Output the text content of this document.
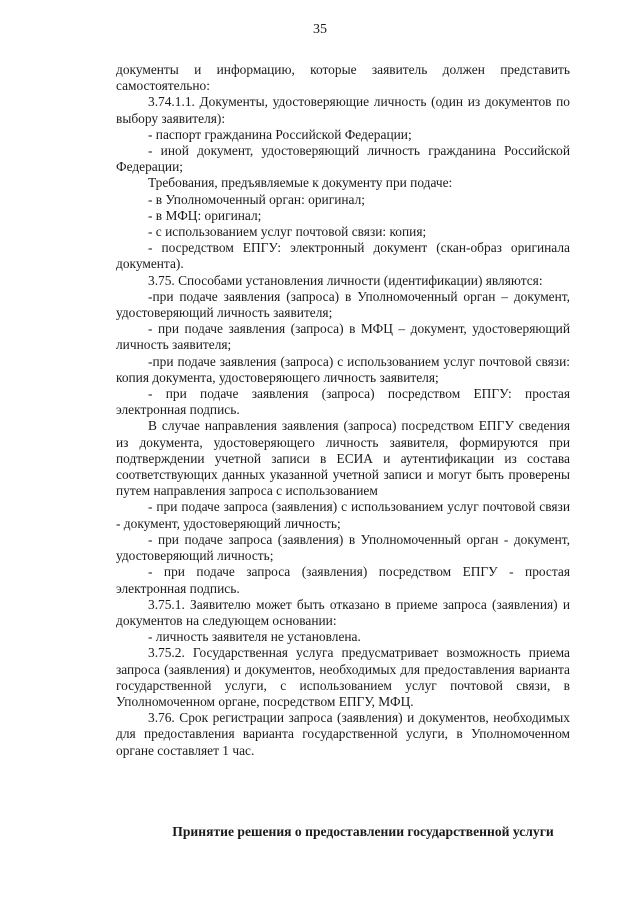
35

документы и информацию, которые заявитель должен представить самостоятельно:

3.74.1.1. Документы, удостоверяющие личность (один из документов по выбору заявителя):

- паспорт гражданина Российской Федерации;

- иной документ, удостоверяющий личность гражданина Российской Федерации;

Требования, предъявляемые к документу при подаче:

- в Уполномоченный орган: оригинал;

- в МФЦ: оригинал;

- с использованием услуг почтовой связи: копия;

- посредством ЕПГУ: электронный документ (скан-образ оригинала документа).

3.75. Способами установления личности (идентификации) являются:

-при подаче заявления (запроса) в Уполномоченный орган – документ, удостоверяющий личность заявителя;

- при подаче заявления (запроса) в МФЦ – документ, удостоверяющий личность заявителя;

-при подаче заявления (запроса) с использованием услуг почтовой связи: копия документа, удостоверяющего личность заявителя;

- при подаче заявления (запроса) посредством ЕПГУ: простая электронная подпись.

В случае направления заявления (запроса) посредством ЕПГУ сведения из документа, удостоверяющего личность заявителя, формируются при подтверждении учетной записи в ЕСИА и аутентификации из состава соответствующих данных указанной учетной записи и могут быть проверены путем направления запроса с использованием

- при подаче запроса (заявления) с использованием услуг почтовой связи - документ, удостоверяющий личность;

- при подаче запроса (заявления) в Уполномоченный орган - документ, удостоверяющий личность;

- при подаче запроса (заявления) посредством ЕПГУ - простая электронная подпись.

3.75.1. Заявителю может быть отказано в приеме запроса (заявления) и документов на следующем основании:

- личность заявителя не установлена.

3.75.2. Государственная услуга предусматривает возможность приема запроса (заявления) и документов, необходимых для предоставления варианта государственной услуги, с использованием услуг почтовой связи, в Уполномоченном органе, посредством ЕПГУ, МФЦ.

3.76. Срок регистрации запроса (заявления) и документов, необходимых для предоставления варианта государственной услуги, в Уполномоченном органе составляет 1 час.

Принятие решения о предоставлении государственной услуги
